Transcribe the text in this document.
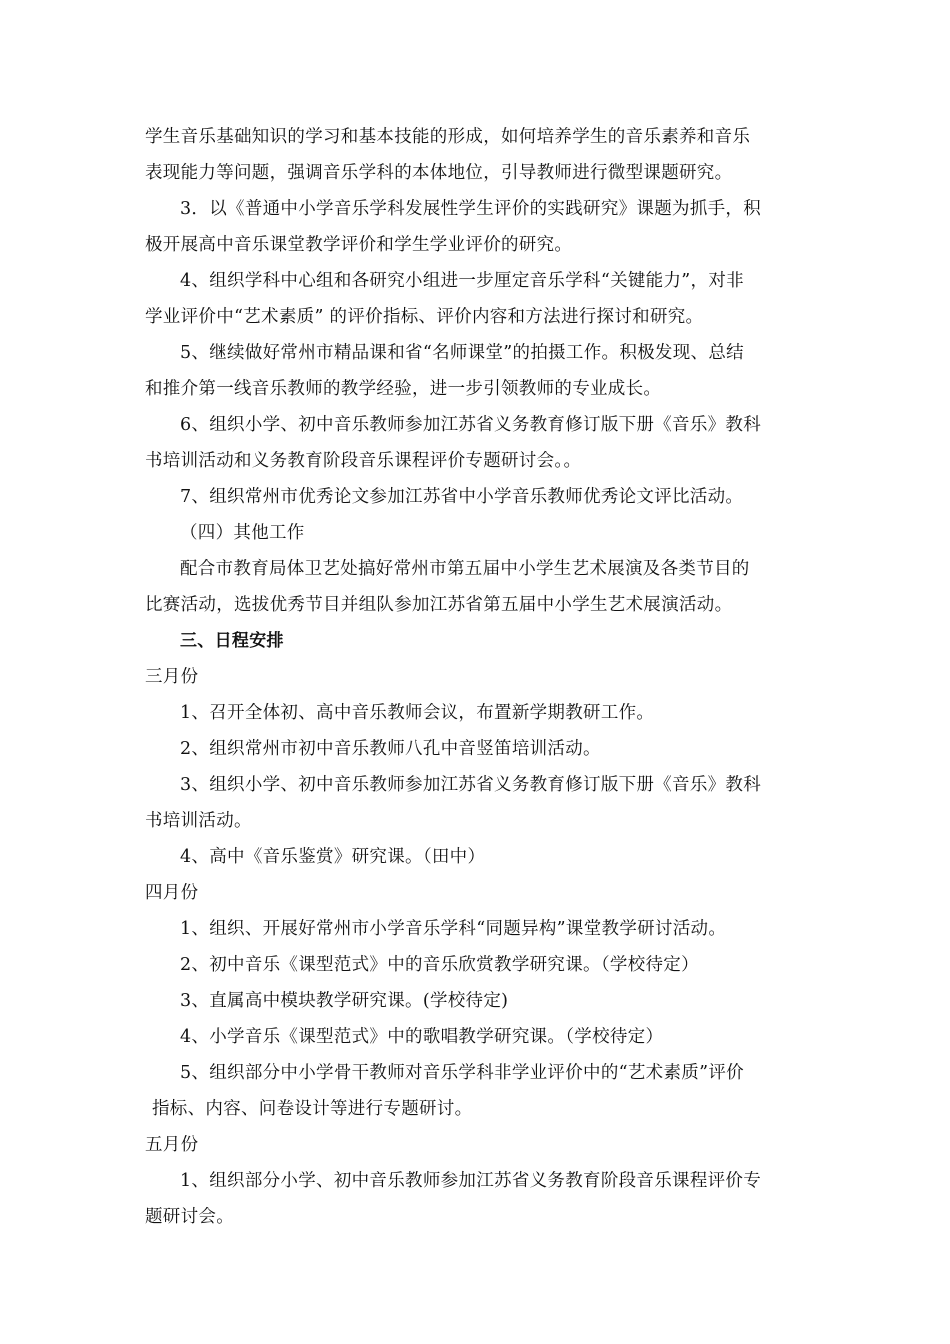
学生音乐基础知识的学习和基本技能的形成，如何培养学生的音乐素养和音乐
表现能力等问题，强调音乐学科的本体地位，引导教师进行微型课题研究。
3．以《普通中小学音乐学科发展性学生评价的实践研究》课题为抓手，积
极开展高中音乐课堂教学评价和学生学业评价的研究。
4、组织学科中心组和各研究小组进一步厘定音乐学科“关键能力”，对非
学业评价中“艺术素质” 的评价指标、评价内容和方法进行探讨和研究。
5、继续做好常州市精品课和省“名师课堂”的拍摄工作。积极发现、总结
和推介第一线音乐教师的教学经验，进一步引领教师的专业成长。
6、组织小学、初中音乐教师参加江苏省义务教育修订版下册《音乐》教科
书培训活动和义务教育阶段音乐课程评价专题研讨会。。
7、组织常州市优秀论文参加江苏省中小学音乐教师优秀论文评比活动。
（四）其他工作
配合市教育局体卫艺处搞好常州市第五届中小学生艺术展演及各类节目的
比赛活动，选拔优秀节目并组队参加江苏省第五届中小学生艺术展演活动。
三、日程安排
三月份
1、召开全体初、高中音乐教师会议，布置新学期教研工作。
2、组织常州市初中音乐教师八孔中音竖笛培训活动。
3、组织小学、初中音乐教师参加江苏省义务教育修订版下册《音乐》教科
书培训活动。
4、高中《音乐鉴赏》研究课。（田中）
四月份
1、组织、开展好常州市小学音乐学科“同题异构”课堂教学研讨活动。
2、初中音乐《课型范式》中的音乐欣赏教学研究课。（学校待定）
3、直属高中模块教学研究课。(学校待定)
4、小学音乐《课型范式》中的歌唱教学研究课。（学校待定）
5、组织部分中小学骨干教师对音乐学科非学业评价中的“艺术素质”评价
指标、内容、问卷设计等进行专题研讨。
五月份
1、组织部分小学、初中音乐教师参加江苏省义务教育阶段音乐课程评价专
题研讨会。
